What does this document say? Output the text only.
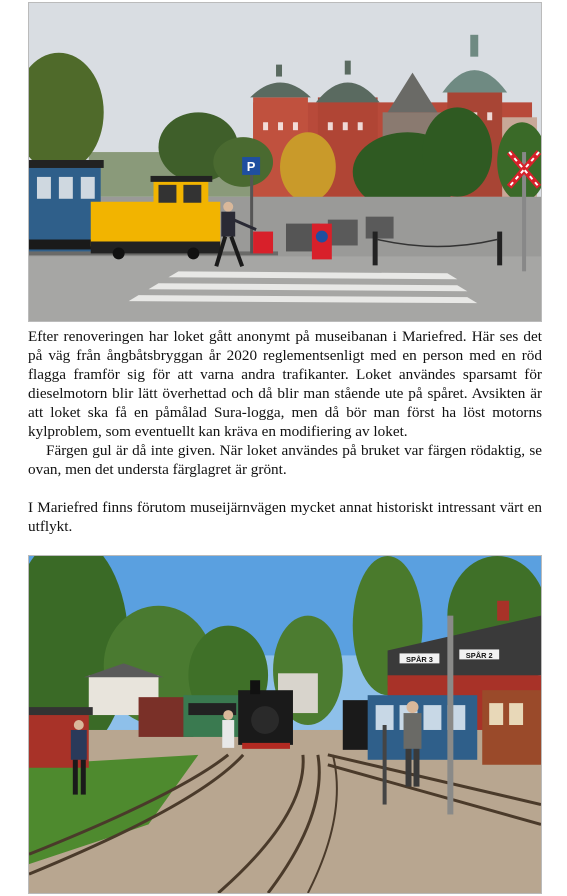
P

Efter renoveringen har loket gått anonymt på museibanan i Mariefred. Här ses det på väg från ångbåtsbryggan år 2020 reglementsenligt med en person med en röd flagga framför sig för att varna andra trafikanter. Loket användes sparsamt för dieselmotorn blir lätt överhettad och då blir man stående ute på spåret. Avsikten är att loket ska få en påmålad Sura-logga, men då bör man först ha löst motorns kylproblem, som eventuellt kan kräva en modifiering av loket.

Färgen gul är då inte given. När loket användes på bruket var färgen rödaktig, se ovan, men det understa färglagret är grönt.

I Mariefred finns förutom museijärnvägen mycket annat historiskt intressant värt en utflykt.

SPÅR 3	SPÅR 2
